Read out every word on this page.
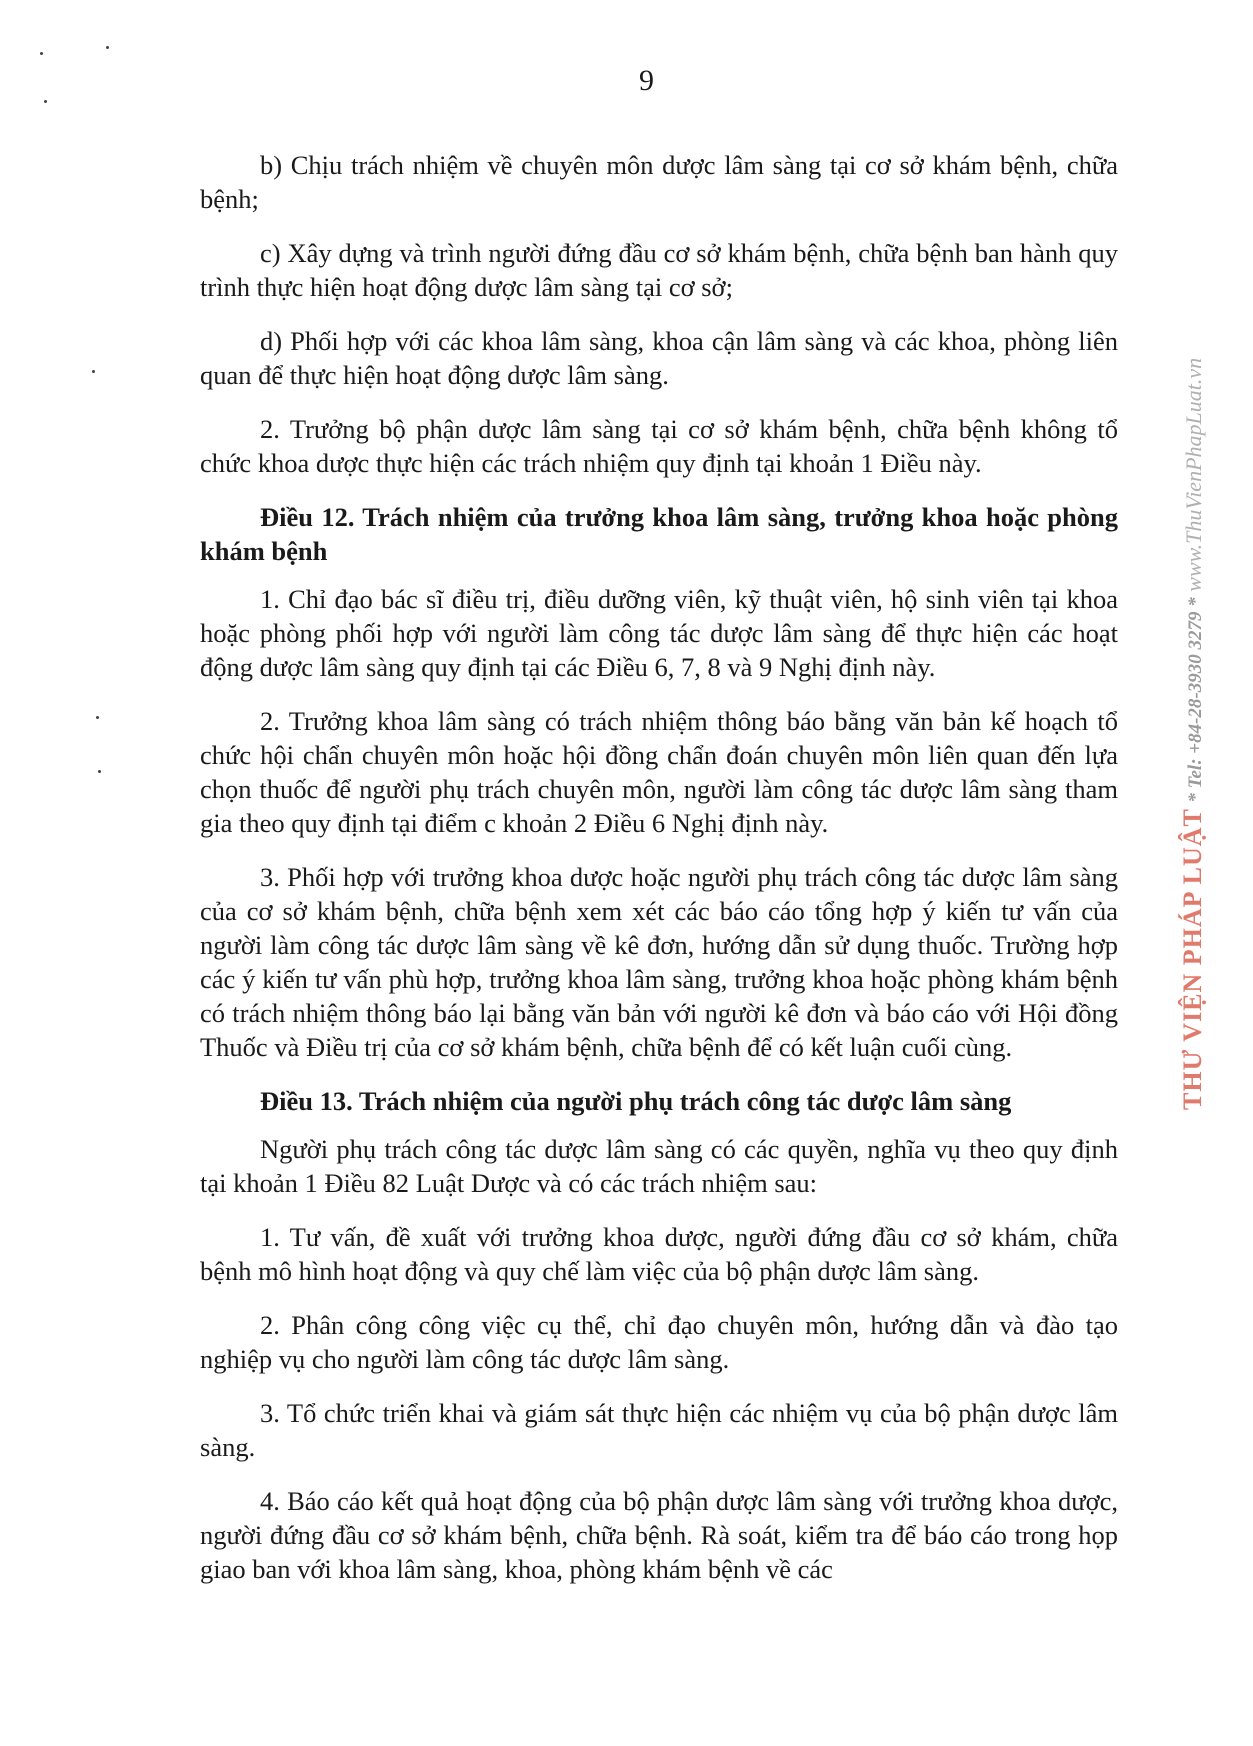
9

b) Chịu trách nhiệm về chuyên môn dược lâm sàng tại cơ sở khám bệnh, chữa bệnh;

c) Xây dựng và trình người đứng đầu cơ sở khám bệnh, chữa bệnh ban hành quy trình thực hiện hoạt động dược lâm sàng tại cơ sở;

d) Phối hợp với các khoa lâm sàng, khoa cận lâm sàng và các khoa, phòng liên quan để thực hiện hoạt động dược lâm sàng.

2. Trưởng bộ phận dược lâm sàng tại cơ sở khám bệnh, chữa bệnh không tổ chức khoa dược thực hiện các trách nhiệm quy định tại khoản 1 Điều này.

Điều 12. Trách nhiệm của trưởng khoa lâm sàng, trưởng khoa hoặc phòng khám bệnh

1. Chỉ đạo bác sĩ điều trị, điều dưỡng viên, kỹ thuật viên, hộ sinh viên tại khoa hoặc phòng phối hợp với người làm công tác dược lâm sàng để thực hiện các hoạt động dược lâm sàng quy định tại các Điều 6, 7, 8 và 9 Nghị định này.

2. Trưởng khoa lâm sàng có trách nhiệm thông báo bằng văn bản kế hoạch tổ chức hội chẩn chuyên môn hoặc hội đồng chẩn đoán chuyên môn liên quan đến lựa chọn thuốc để người phụ trách chuyên môn, người làm công tác dược lâm sàng tham gia theo quy định tại điểm c khoản 2 Điều 6 Nghị định này.

3. Phối hợp với trưởng khoa dược hoặc người phụ trách công tác dược lâm sàng của cơ sở khám bệnh, chữa bệnh xem xét các báo cáo tổng hợp ý kiến tư vấn của người làm công tác dược lâm sàng về kê đơn, hướng dẫn sử dụng thuốc. Trường hợp các ý kiến tư vấn phù hợp, trưởng khoa lâm sàng, trưởng khoa hoặc phòng khám bệnh có trách nhiệm thông báo lại bằng văn bản với người kê đơn và báo cáo với Hội đồng Thuốc và Điều trị của cơ sở khám bệnh, chữa bệnh để có kết luận cuối cùng.

Điều 13. Trách nhiệm của người phụ trách công tác dược lâm sàng

Người phụ trách công tác dược lâm sàng có các quyền, nghĩa vụ theo quy định tại khoản 1 Điều 82 Luật Dược và có các trách nhiệm sau:

1. Tư vấn, đề xuất với trưởng khoa dược, người đứng đầu cơ sở khám, chữa bệnh mô hình hoạt động và quy chế làm việc của bộ phận dược lâm sàng.

2. Phân công công việc cụ thể, chỉ đạo chuyên môn, hướng dẫn và đào tạo nghiệp vụ cho người làm công tác dược lâm sàng.

3. Tổ chức triển khai và giám sát thực hiện các nhiệm vụ của bộ phận dược lâm sàng.

4. Báo cáo kết quả hoạt động của bộ phận dược lâm sàng với trưởng khoa dược, người đứng đầu cơ sở khám bệnh, chữa bệnh. Rà soát, kiểm tra để báo cáo trong họp giao ban với khoa lâm sàng, khoa, phòng khám bệnh về các

THƯ VIỆN PHÁP LUẬT * Tel: +84-28-3930 3279 * www.ThuVienPhapLuat.vn
